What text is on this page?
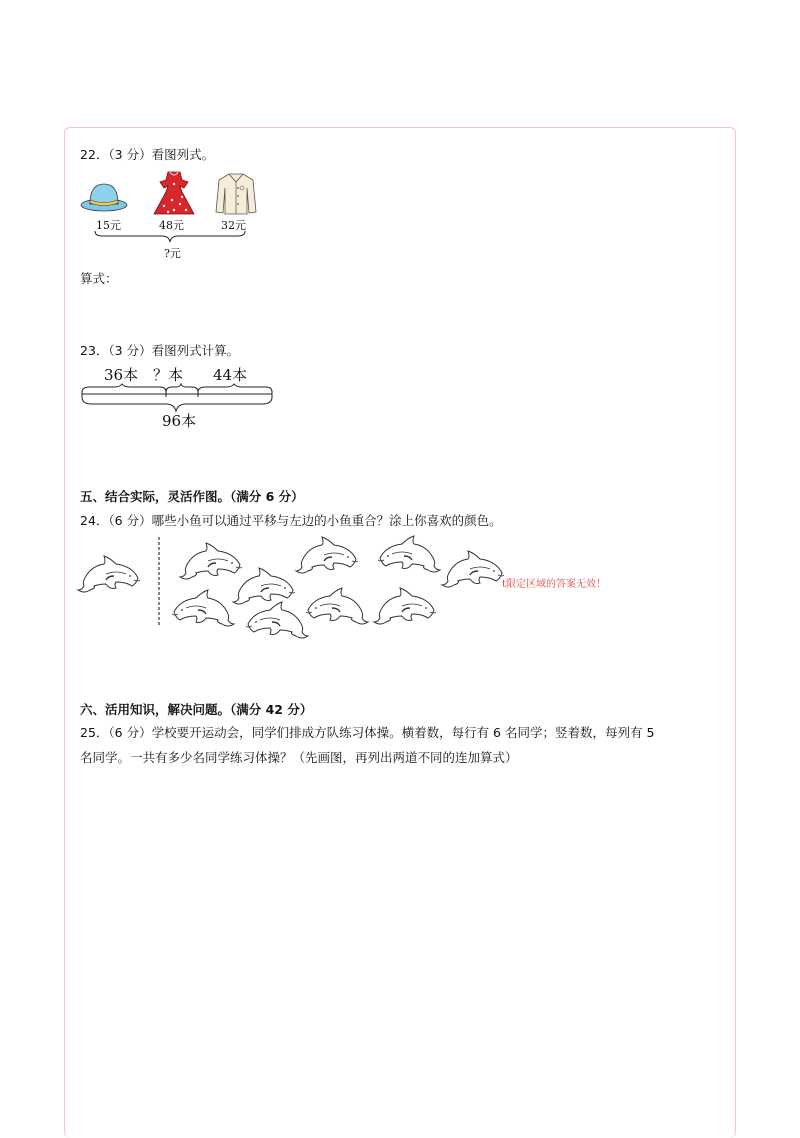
22．（3 分）看图列式。
15元	48元	32元
?元
算式：
23．（3 分）看图列式计算。
36本 ？本 44本
96本
五、结合实际，灵活作图。（满分 6 分）
24．（6 分）哪些小鱼可以通过平移与左边的小鱼重合？涂上你喜欢的颜色。
t限定区域的答案无效！
六、活用知识，解决问题。（满分 42 分）
25．（6 分）学校要开运动会，同学们排成方队练习体操。横着数，每行有 6 名同学；竖着数，每列有 5
名同学。一共有多少名同学练习体操？（先画图，再列出两道不同的连加算式）
